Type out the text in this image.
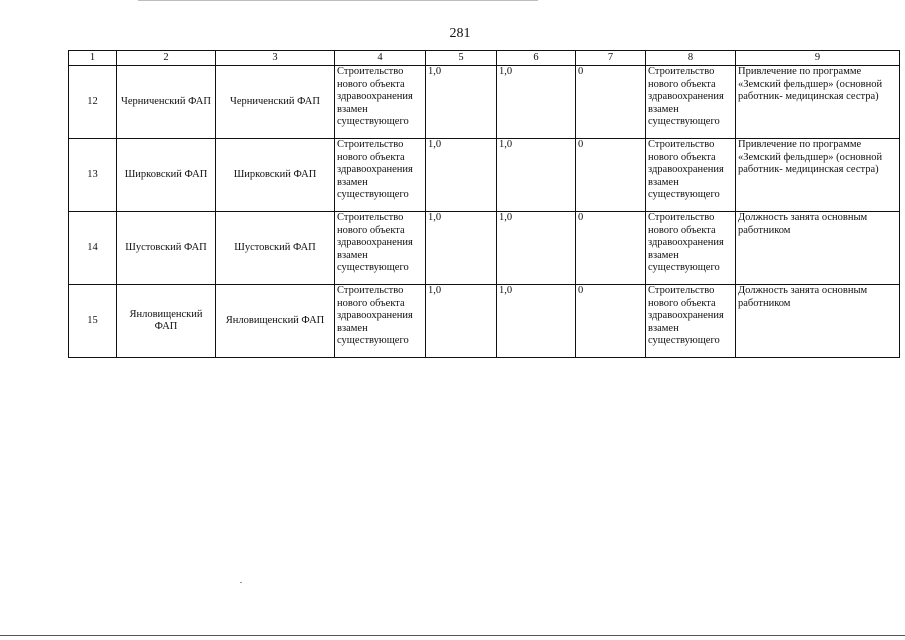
281
1	2	3	4	5	6	7	8	9
12	Черниченский ФАП	Черниченский ФАП	Строительство нового объекта здравоохранения взамен существующего	1,0	1,0	0	Строительство нового объекта здравоохранения взамен существующего	Привлечение по программе «Земский фельдшер» (основной работник- медицинская сестра)
13	Ширковский ФАП	Ширковский ФАП	Строительство нового объекта здравоохранения взамен существующего	1,0	1,0	0	Строительство нового объекта здравоохранения взамен существующего	Привлечение по программе «Земский фельдшер» (основной работник- медицинская сестра)
14	Шустовский ФАП	Шустовский ФАП	Строительство нового объекта здравоохранения взамен существующего	1,0	1,0	0	Строительство нового объекта здравоохранения взамен существующего	Должность занята основным работником
15	Янловищенский ФАП	Янловищенский ФАП	Строительство нового объекта здравоохранения взамен существующего	1,0	1,0	0	Строительство нового объекта здравоохранения взамен существующего	Должность занята основным работником
